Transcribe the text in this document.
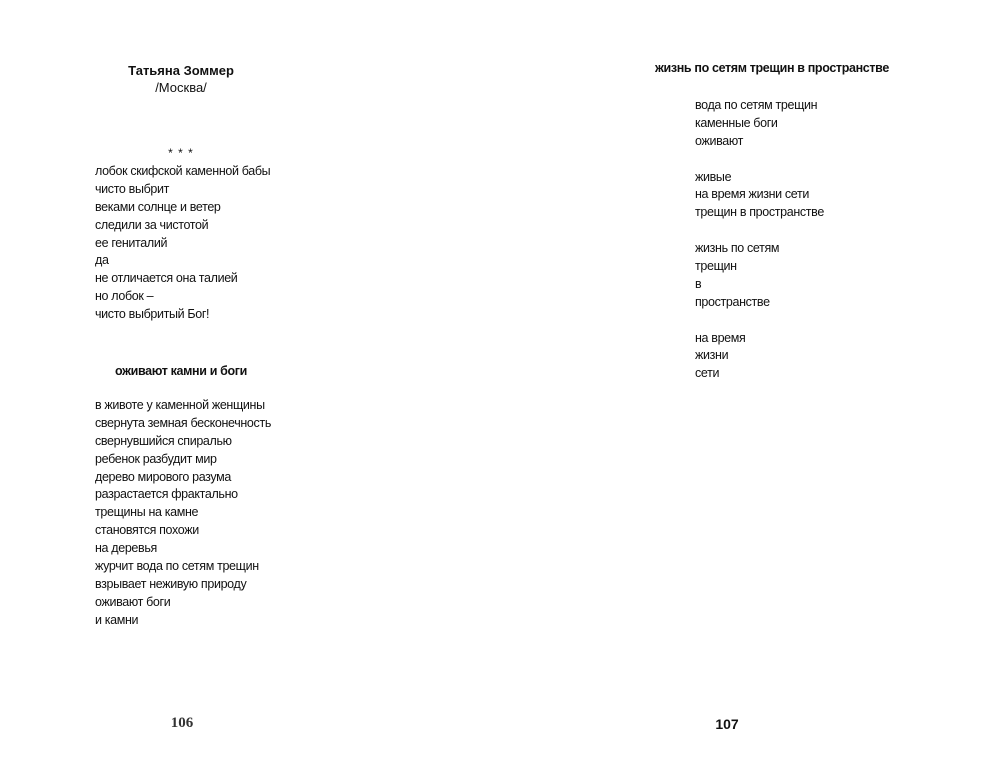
Татьяна Зоммер
/Москва/
* * *
лобок скифской каменной бабы
чисто выбрит
веками солнце и ветер
следили за чистотой
ее гениталий
да
не отличается она талией
но лобок –
чисто выбритый Бог!
оживают камни и боги
в животе у каменной женщины
свернута земная бесконечность
свернувшийся спиралью
ребенок разбудит мир
дерево мирового разума
разрастается фрактально
трещины на камне
становятся похожи
на деревья
журчит вода по сетям трещин
взрывает неживую природу
оживают боги
и камни
106
жизнь по сетям трещин в пространстве
вода по сетям трещин
каменные боги
оживают
живые
на время жизни сети
трещин в пространстве
жизнь по сетям
трещин
в
пространстве
на время
жизни
сети
107
